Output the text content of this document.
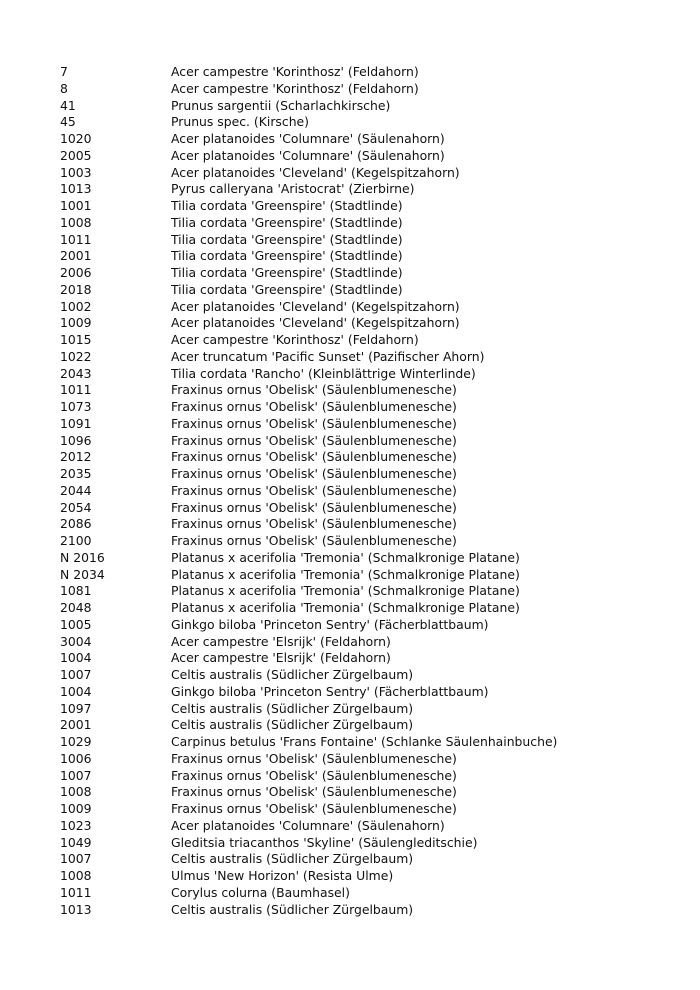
7	Acer campestre 'Korinthosz' (Feldahorn)
8	Acer campestre 'Korinthosz' (Feldahorn)
41	Prunus sargentii (Scharlachkirsche)
45	Prunus spec. (Kirsche)
1020	Acer platanoides 'Columnare' (Säulenahorn)
2005	Acer platanoides 'Columnare' (Säulenahorn)
1003	Acer platanoides 'Cleveland' (Kegelspitzahorn)
1013	Pyrus calleryana 'Aristocrat' (Zierbirne)
1001	Tilia cordata 'Greenspire' (Stadtlinde)
1008	Tilia cordata 'Greenspire' (Stadtlinde)
1011	Tilia cordata 'Greenspire' (Stadtlinde)
2001	Tilia cordata 'Greenspire' (Stadtlinde)
2006	Tilia cordata 'Greenspire' (Stadtlinde)
2018	Tilia cordata 'Greenspire' (Stadtlinde)
1002	Acer platanoides 'Cleveland' (Kegelspitzahorn)
1009	Acer platanoides 'Cleveland' (Kegelspitzahorn)
1015	Acer campestre 'Korinthosz' (Feldahorn)
1022	Acer truncatum 'Pacific Sunset' (Pazifischer Ahorn)
2043	Tilia cordata 'Rancho' (Kleinblättrige Winterlinde)
1011	Fraxinus ornus 'Obelisk' (Säulenblumenesche)
1073	Fraxinus ornus 'Obelisk' (Säulenblumenesche)
1091	Fraxinus ornus 'Obelisk' (Säulenblumenesche)
1096	Fraxinus ornus 'Obelisk' (Säulenblumenesche)
2012	Fraxinus ornus 'Obelisk' (Säulenblumenesche)
2035	Fraxinus ornus 'Obelisk' (Säulenblumenesche)
2044	Fraxinus ornus 'Obelisk' (Säulenblumenesche)
2054	Fraxinus ornus 'Obelisk' (Säulenblumenesche)
2086	Fraxinus ornus 'Obelisk' (Säulenblumenesche)
2100	Fraxinus ornus 'Obelisk' (Säulenblumenesche)
N 2016	Platanus x acerifolia 'Tremonia' (Schmalkronige Platane)
N 2034	Platanus x acerifolia 'Tremonia' (Schmalkronige Platane)
1081	Platanus x acerifolia 'Tremonia' (Schmalkronige Platane)
2048	Platanus x acerifolia 'Tremonia' (Schmalkronige Platane)
1005	Ginkgo biloba 'Princeton Sentry' (Fächerblattbaum)
3004	Acer campestre 'Elsrijk' (Feldahorn)
1004	Acer campestre 'Elsrijk' (Feldahorn)
1007	Celtis australis (Südlicher Zürgelbaum)
1004	Ginkgo biloba 'Princeton Sentry' (Fächerblattbaum)
1097	Celtis australis (Südlicher Zürgelbaum)
2001	Celtis australis (Südlicher Zürgelbaum)
1029	Carpinus betulus 'Frans Fontaine' (Schlanke Säulenhainbuche)
1006	Fraxinus ornus 'Obelisk' (Säulenblumenesche)
1007	Fraxinus ornus 'Obelisk' (Säulenblumenesche)
1008	Fraxinus ornus 'Obelisk' (Säulenblumenesche)
1009	Fraxinus ornus 'Obelisk' (Säulenblumenesche)
1023	Acer platanoides 'Columnare' (Säulenahorn)
1049	Gleditsia triacanthos 'Skyline' (Säulengleditschie)
1007	Celtis australis (Südlicher Zürgelbaum)
1008	Ulmus 'New Horizon' (Resista Ulme)
1011	Corylus colurna (Baumhasel)
1013	Celtis australis (Südlicher Zürgelbaum)
